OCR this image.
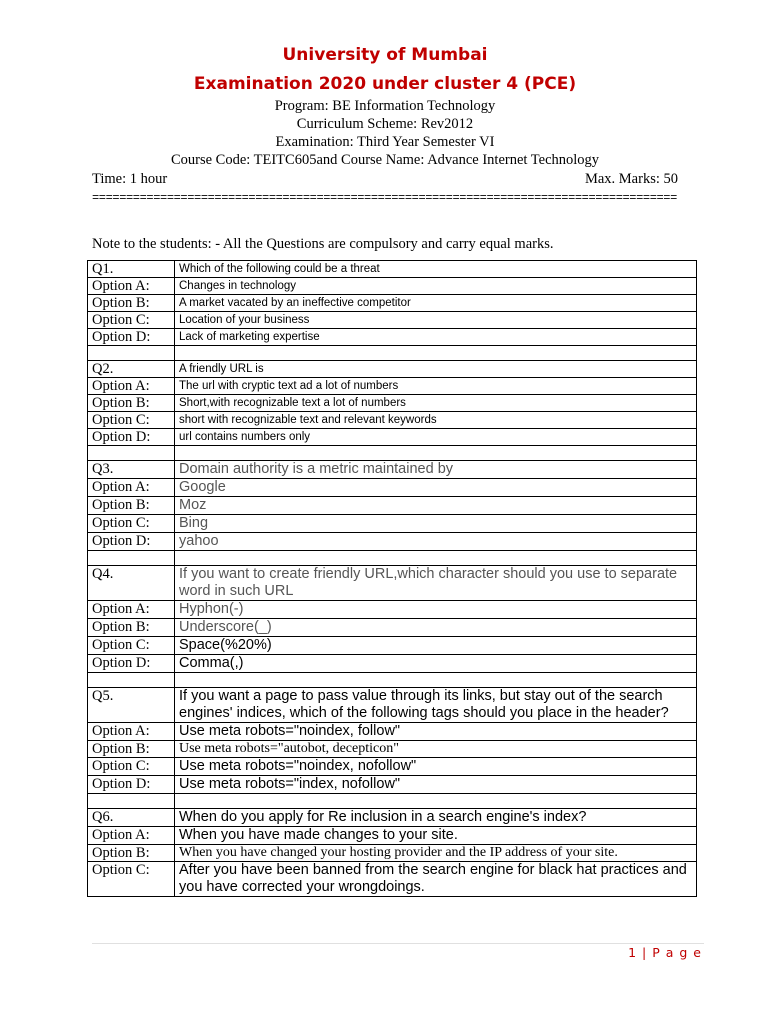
University of Mumbai
Examination 2020 under cluster 4 (PCE)
Program: BE Information Technology
Curriculum Scheme: Rev2012
Examination: Third Year Semester VI
Course Code: TEITC605and Course Name: Advance Internet Technology
Time: 1 hour	Max. Marks: 50
======================================================================================
Note to the students: - All the Questions are compulsory and carry equal marks.
Q1.	Which of the following could be a threat
Option A:	Changes in technology
Option B:	A market vacated by an ineffective competitor
Option C:	Location of your business
Option D:	Lack of marketing expertise

Q2.	A friendly URL is
Option A:	The url with cryptic text ad a lot of numbers
Option B:	Short,with recognizable text a lot of numbers
Option C:	short with recognizable text and relevant keywords
Option D:	url contains numbers only

Q3.	Domain authority is a metric maintained by
Option A:	Google
Option B:	Moz
Option C:	Bing
Option D:	yahoo

Q4.	If you want to create friendly URL,which character should you use to separate word in such URL
Option A:	Hyphon(-)
Option B:	Underscore(_)
Option C:	Space(%20%)
Option D:	Comma(,)

Q5.	If you want a page to pass value through its links, but stay out of the search engines' indices, which of the following tags should you place in the header?
Option A:	Use meta robots="noindex, follow"
Option B:	Use meta robots="autobot, decepticon"
Option C:	Use meta robots="noindex, nofollow"
Option D:	Use meta robots="index, nofollow"

Q6.	When do you apply for Re inclusion in a search engine's index?
Option A:	When you have made changes to your site.
Option B:	When you have changed your hosting provider and the IP address of your site.
Option C:	After you have been banned from the search engine for black hat practices and you have corrected your wrongdoings.
1 | P a g e
